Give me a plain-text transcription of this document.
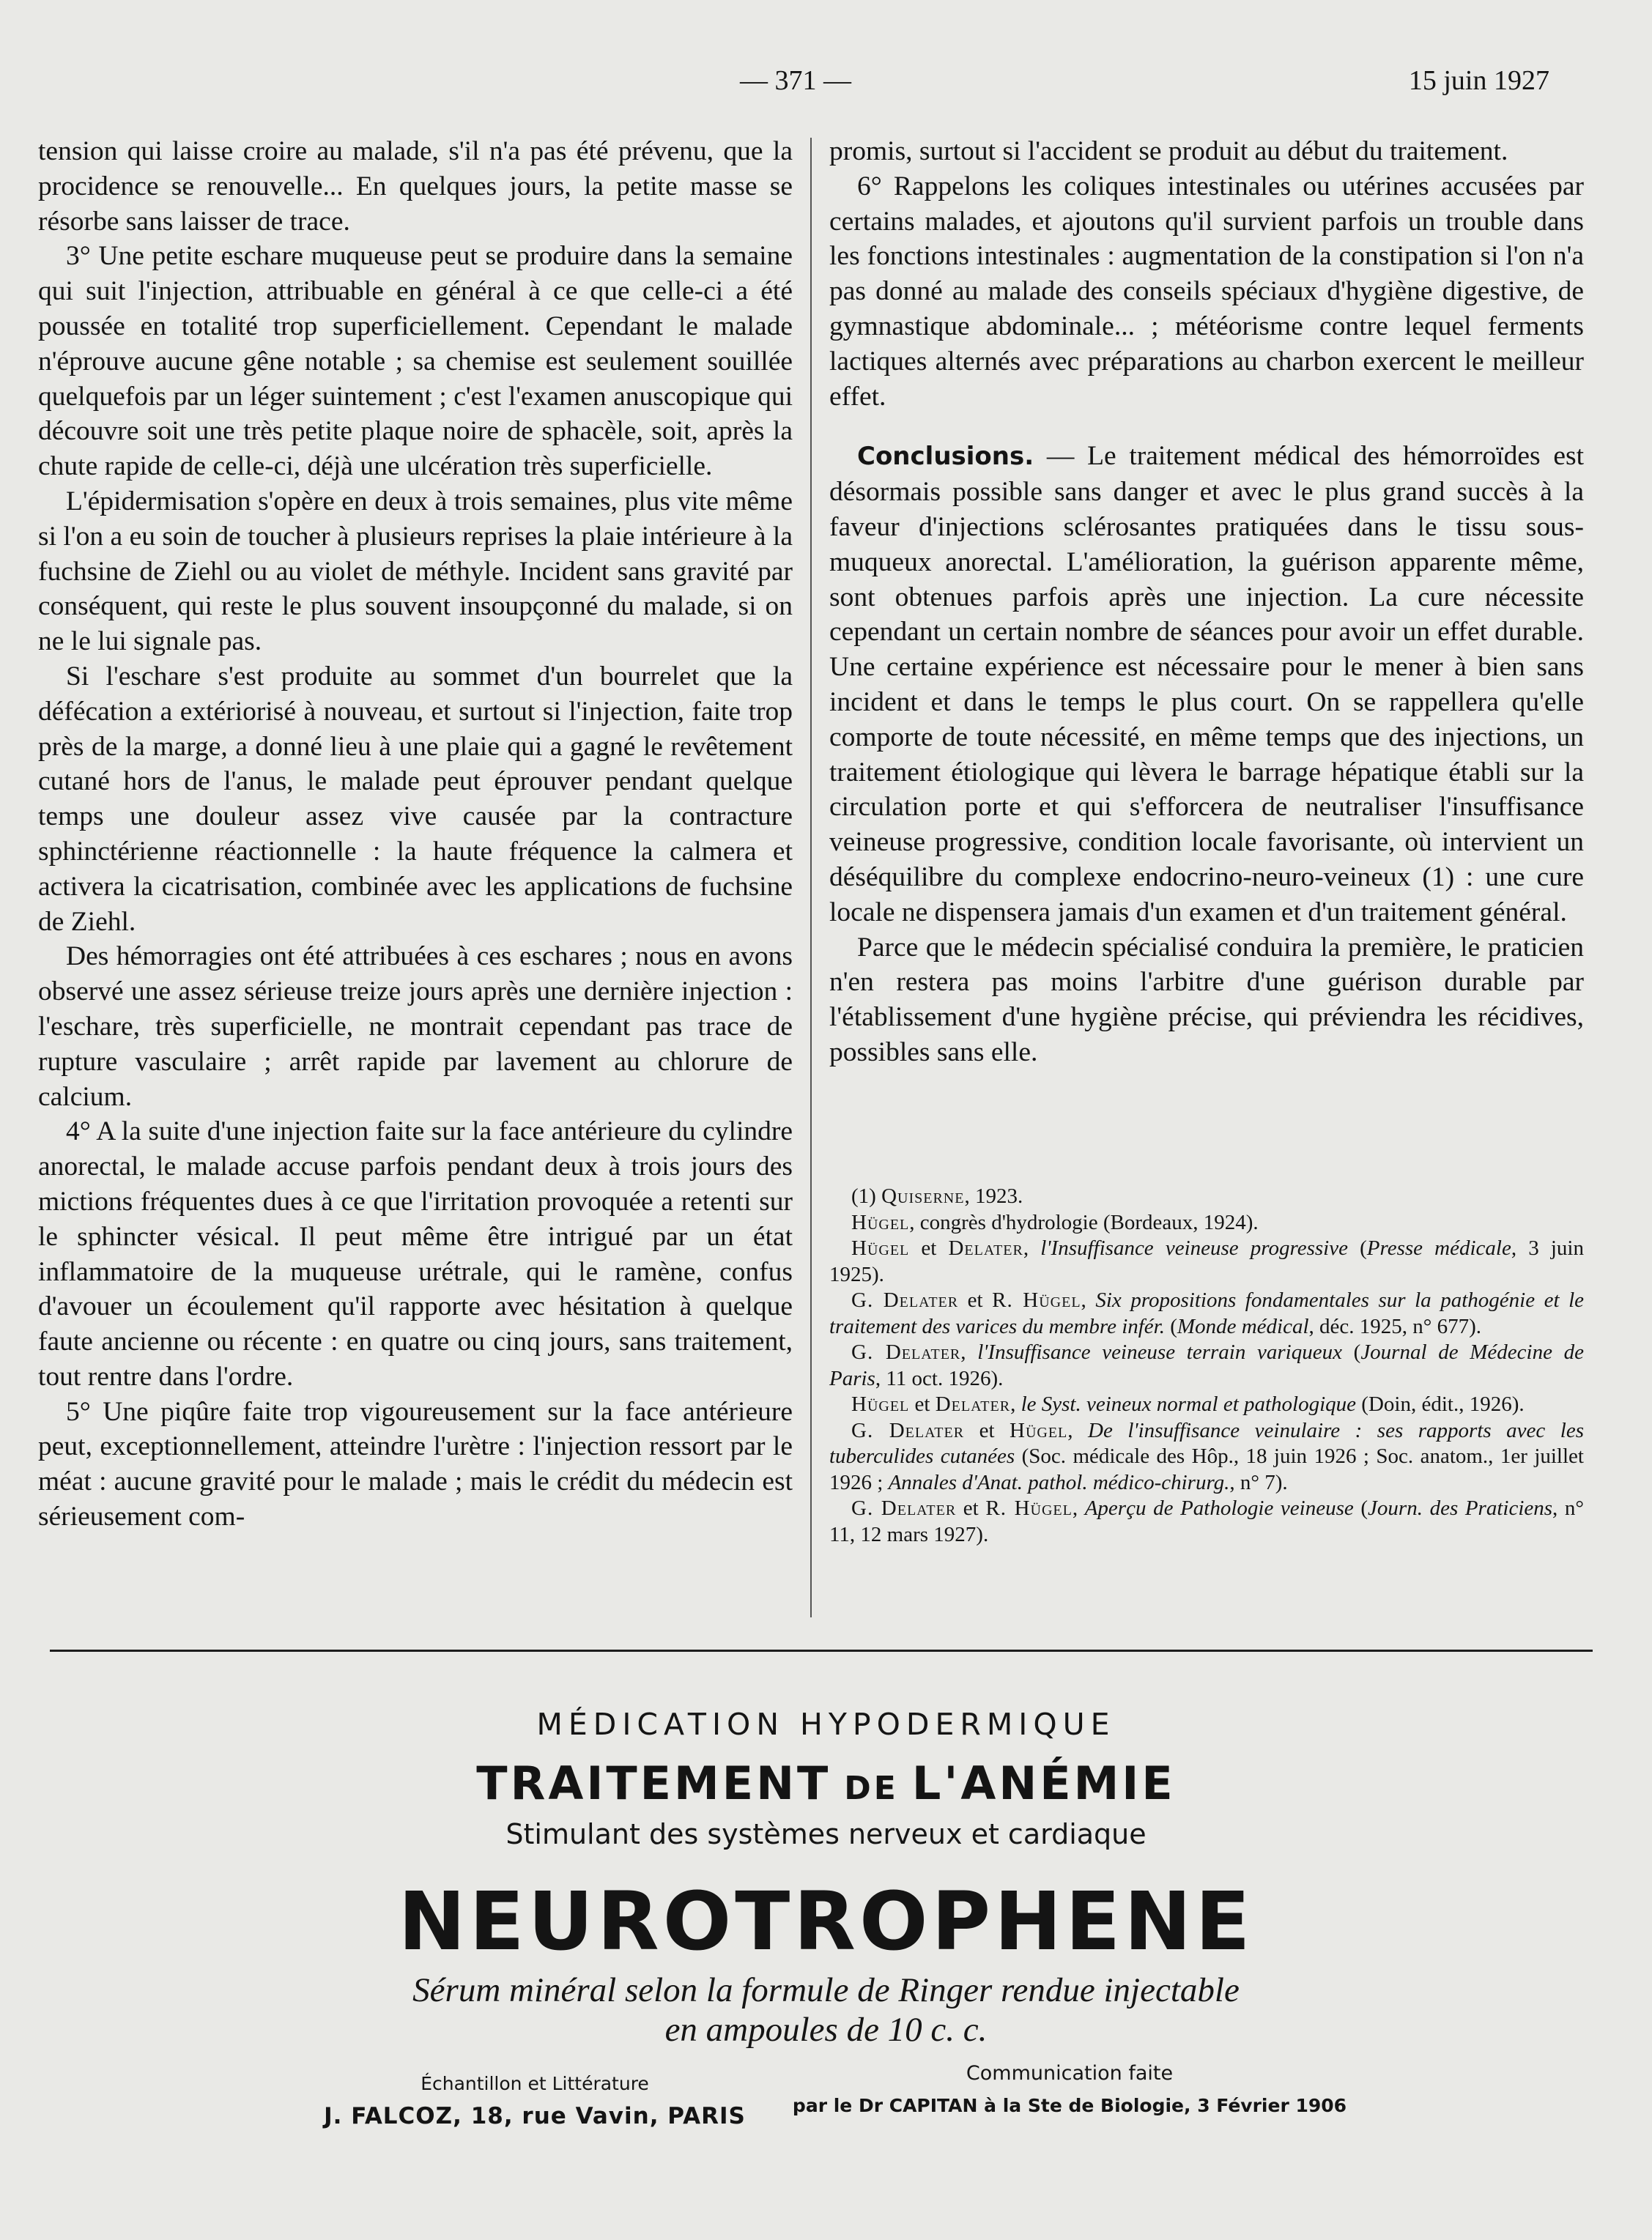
— 371 —	15 juin 1927

tension qui laisse croire au malade, s'il n'a pas été prévenu, que la procidence se renouvelle... En quelques jours, la petite masse se résorbe sans laisser de trace.

3° Une petite eschare muqueuse peut se produire dans la semaine qui suit l'injection, attribuable en général à ce que celle-ci a été poussée en totalité trop superficiellement. Cependant le malade n'éprouve aucune gêne notable ; sa chemise est seulement souillée quelquefois par un léger suintement ; c'est l'examen anuscopique qui découvre soit une très petite plaque noire de sphacèle, soit, après la chute rapide de celle-ci, déjà une ulcération très superficielle.

L'épidermisation s'opère en deux à trois semaines, plus vite même si l'on a eu soin de toucher à plusieurs reprises la plaie intérieure à la fuchsine de Ziehl ou au violet de méthyle. Incident sans gravité par conséquent, qui reste le plus souvent insoupçonné du malade, si on ne le lui signale pas.

Si l'eschare s'est produite au sommet d'un bourrelet que la défécation a extériorisé à nouveau, et surtout si l'injection, faite trop près de la marge, a donné lieu à une plaie qui a gagné le revêtement cutané hors de l'anus, le malade peut éprouver pendant quelque temps une douleur assez vive causée par la contracture sphinctérienne réactionnelle : la haute fréquence la calmera et activera la cicatrisation, combinée avec les applications de fuchsine de Ziehl.

Des hémorragies ont été attribuées à ces eschares ; nous en avons observé une assez sérieuse treize jours après une dernière injection : l'eschare, très superficielle, ne montrait cependant pas trace de rupture vasculaire ; arrêt rapide par lavement au chlorure de calcium.

4° A la suite d'une injection faite sur la face antérieure du cylindre anorectal, le malade accuse parfois pendant deux à trois jours des mictions fréquentes dues à ce que l'irritation provoquée a retenti sur le sphincter vésical. Il peut même être intrigué par un état inflammatoire de la muqueuse urétrale, qui le ramène, confus d'avouer un écoulement qu'il rapporte avec hésitation à quelque faute ancienne ou récente : en quatre ou cinq jours, sans traitement, tout rentre dans l'ordre.

5° Une piqûre faite trop vigoureusement sur la face antérieure peut, exceptionnellement, atteindre l'urètre : l'injection ressort par le méat : aucune gravité pour le malade ; mais le crédit du médecin est sérieusement com-

promis, surtout si l'accident se produit au début du traitement.

6° Rappelons les coliques intestinales ou utérines accusées par certains malades, et ajoutons qu'il survient parfois un trouble dans les fonctions intestinales : augmentation de la constipation si l'on n'a pas donné au malade des conseils spéciaux d'hygiène digestive, de gymnastique abdominale... ; météorisme contre lequel ferments lactiques alternés avec préparations au charbon exercent le meilleur effet.

Conclusions. — Le traitement médical des hémorroïdes est désormais possible sans danger et avec le plus grand succès à la faveur d'injections sclérosantes pratiquées dans le tissu sous-muqueux anorectal. L'amélioration, la guérison apparente même, sont obtenues parfois après une injection. La cure nécessite cependant un certain nombre de séances pour avoir un effet durable. Une certaine expérience est nécessaire pour le mener à bien sans incident et dans le temps le plus court. On se rappellera qu'elle comporte de toute nécessité, en même temps que des injections, un traitement étiologique qui lèvera le barrage hépatique établi sur la circulation porte et qui s'efforcera de neutraliser l'insuffisance veineuse progressive, condition locale favorisante, où intervient un déséquilibre du complexe endocrino-neuro-veineux (1) : une cure locale ne dispensera jamais d'un examen et d'un traitement général.

Parce que le médecin spécialisé conduira la première, le praticien n'en restera pas moins l'arbitre d'une guérison durable par l'établissement d'une hygiène précise, qui préviendra les récidives, possibles sans elle.

(1) Quiserne, 1923.
Hügel, congrès d'hydrologie (Bordeaux, 1924).
Hügel et Delater, l'Insuffisance veineuse progressive (Presse médicale, 3 juin 1925).
G. Delater et R. Hügel, Six propositions fondamentales sur la pathogénie et le traitement des varices du membre infér. (Monde médical, déc. 1925, n° 677).
G. Delater, l'Insuffisance veineuse terrain variqueux (Journal de Médecine de Paris, 11 oct. 1926).
Hügel et Delater, le Syst. veineux normal et pathologique (Doin, édit., 1926).
G. Delater et Hügel, De l'insuffisance veinulaire : ses rapports avec les tuberculides cutanées (Soc. médicale des Hôp., 18 juin 1926 ; Soc. anatom., 1er juillet 1926 ; Annales d'Anat. pathol. médico-chirurg., n° 7).
G. Delater et R. Hügel, Aperçu de Pathologie veineuse (Journ. des Praticiens, n° 11, 12 mars 1927).
MÉDICATION HYPODERMIQUE
TRAITEMENT DE L'ANÉMIE
Stimulant des systèmes nerveux et cardiaque
NEUROTROPHENE
Sérum minéral selon la formule de Ringer rendue injectable
en ampoules de 10 c. c.
Échantillon et Littérature
J. FALCOZ, 18, rue Vavin, PARIS
Communication faite
par le Dr CAPITAN à la Ste de Biologie, 3 Février 1906
